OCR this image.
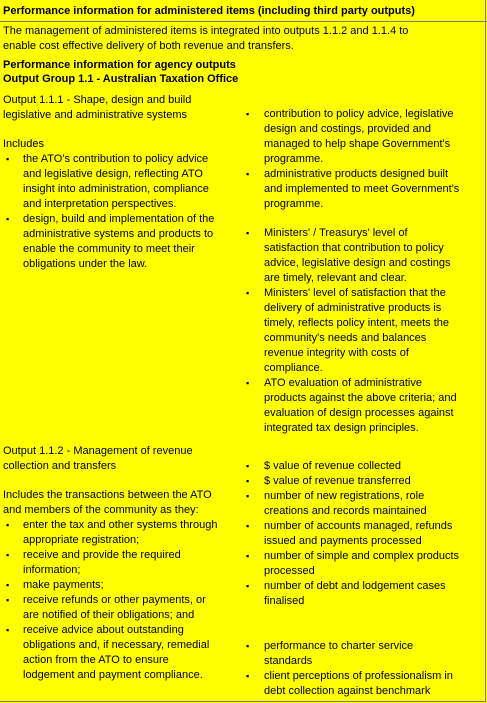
Performance information for administered items (including third party outputs)
The management of administered items is integrated into outputs 1.1.2 and 1.1.4 to enable cost effective delivery of both revenue and transfers.
Performance information for agency outputs
Output Group 1.1 - Australian Taxation Office

Output 1.1.1 - Shape, design and build

legislative and administrative systems

Includes
▪ the ATO's contribution to policy advice and legislative design, reflecting ATO insight into administration, compliance and interpretation perspectives.
▪ design, build and implementation of the administrative systems and products to enable the community to meet their obligations under the law.
▪ contribution to policy advice, legislative design and costings, provided and managed to help shape Government's programme.
▪ administrative products designed built and implemented to meet Government's programme.
▪ Ministers' / Treasurys' level of satisfaction that contribution to policy advice, legislative design and costings are timely, relevant and clear.
▪ Ministers' level of satisfaction that the delivery of administrative products is timely, reflects policy intent, meets the community's needs and balances revenue integrity with costs of compliance.
▪ ATO evaluation of administrative products against the above criteria; and evaluation of design processes against integrated tax design principles.

Output 1.1.2 - Management of revenue

collection and transfers

Includes the transactions between the ATO and members of the community as they:
▪ enter the tax and other systems through appropriate registration;
▪ receive and provide the required information;
▪ make payments;
▪ receive refunds or other payments, or are notified of their obligations; and
▪ receive advice about outstanding obligations and, if necessary, remedial action from the ATO to ensure lodgement and payment compliance.
▪ $ value of revenue collected
▪ $ value of revenue transferred
▪ number of new registrations, role creations and records maintained
▪ number of accounts managed, refunds issued and payments processed
▪ number of simple and complex products processed
▪ number of debt and lodgement cases finalised
▪ performance to charter service standards
▪ client perceptions of professionalism in debt collection against benchmark
